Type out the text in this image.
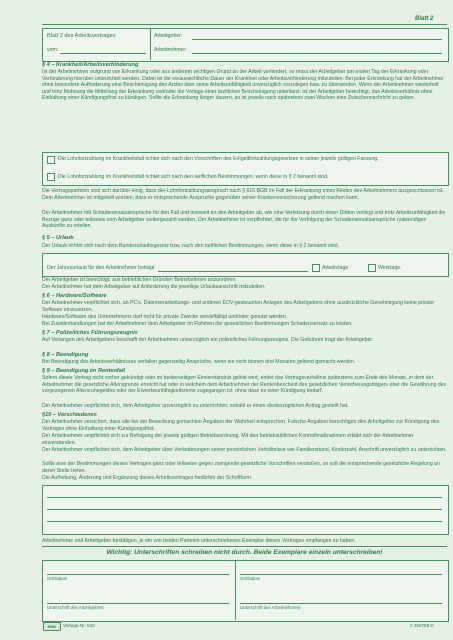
Blatt 2
Blatt 2 des Arbeitsvertrages
vom:
Arbeitgeber:
Arbeitnehmer:
§ 4 – Krankheit/Arbeitsverhinderung
Ist der Arbeitnehmer aufgrund von Erkrankung oder aus anderem wichtigen Grund an der Arbeit verhindert, so muss der Arbeitgeber am ersten Tag der Erkrankung oder Verhinderung hierüber unterrichtet werden. Dabei ist die voraussichtliche Dauer der Krankheit oder Arbeitsverhinderung mitzuteilen. Bei jeder Erkrankung hat der Arbeitnehmer ohne besondere Aufforderung eine Bescheinigung des Arztes über seine Arbeitsunfähigkeit unverzüglich vorzulegen bzw. zu übersenden. Wenn der Arbeitnehmer wiederholt und trotz Mahnung die Mitteilung der Erkrankung und/oder die Vorlage einer ärztlichen Bescheinigung unterlässt, ist der Arbeitgeber berechtigt, das Arbeitsverhältnis ohne Einhaltung einer Kündigungsfrist zu kündigen. Sollte die Erkrankung länger dauern, so ist jeweils nach spätestens zwei Wochen eine Zwischennachricht zu geben.
Die Lohnfortzahlung im Krankheitsfall richtet sich nach den Vorschriften des Entgeltfortzahlungsgesetzes in seiner jeweils gültigen Fassung.
Die Lohnfortzahlung im Krankheitsfall richtet sich nach den tariflichen Bestimmungen, wenn diese in § 2 benannt sind.
Die Vertragsparteien sind sich darüber einig, dass der Lohnfortzahlungsanspruch nach § 616 BGB im Fall der Erkrankung eines Kindes des Arbeitnehmers ausgeschlossen ist. Dem Arbeitnehmer ist mitgeteilt worden, dass er entsprechende Ansprüche gegenüber seiner Krankenversicherung geltend machen kann.
Der Arbeitnehmer tritt Schadenersatzansprüche für den Fall und insoweit an den Arbeitgeber ab, wie eine Verletzung durch einen Dritten vorliegt und trotz Arbeitsunfähigkeit die Bezüge ganz oder teilweise vom Arbeitgeber weitergezahlt werden. Der Arbeitnehmer ist verpflichtet, die für die Verfolgung der Schadensersatzansprüche notwendigen Auskünfte zu erteilen.
§ 5 – Urlaub
Der Urlaub richtet sich nach dem Bundesurlaubsgesetz bzw. nach den tariflichen Bestimmungen, wenn diese in § 2 benannt sind.
Der Jahresurlaub für den Arbeitnehmer beträgt	Arbeitstage	Werktage.
Der Arbeitgeber ist berechtigt, aus betrieblichen Gründen Betriebsferien anzuordnen.
Der Arbeitnehmer hat dem Arbeitgeber auf Anforderung die jeweilige Urlaubsanschrift mitzuteilen.
§ 6 – Hardware/Software
Der Arbeitnehmer verpflichtet sich, an PC's, Datenverarbeitungs- und anderen EDV-gesteuerten Anlagen des Arbeitgebers ohne ausdrückliche Genehmigung keine private Software einzusetzen.
Hardware/Software des Unternehmens darf nicht für private Zwecke vervielfältigt und/oder genutzt werden.
Bei Zuwiderhandlungen hat der Arbeitnehmer dem Arbeitgeber im Rahmen der gesetzlichen Bestimmungen Schadensersatz zu leisten.
§ 7 – Polizeiliches Führungszeugnis
Auf Verlangen des Arbeitgebers beschafft der Arbeitnehmer unverzüglich ein polizeiliches Führungszeugnis. Die Gebühren trägt der Arbeitgeber.
§ 8 – Beendigung
Bei Beendigung des Arbeitsverhältnisses verfallen gegenseitig Ansprüche, wenn sie nicht binnen drei Monaten geltend gemacht werden.
§ 9 – Beendigung im Rentenfall
Sofern dieser Vertrag nicht vorher gekündigt oder im beiderseitigen Einverständnis gelöst wird, endet das Vertragsverhältnis spätestens zum Ende des Monats, in dem der Arbeitnehmer die gesetzliche Altersgrenze erreicht hat oder in welchem dem Arbeitnehmer der Rentenbescheid des gesetzlichen Versicherungsträgers über die Gewährung des vorgezogenen Altersruhegeldes oder der Erwerbsunfähigkeitsrente zugegangen ist, ohne dass es einer Kündigung bedarf.
Der Arbeitnehmer verpflichtet sich, dem Arbeitgeber unverzüglich zu unterrichten, sobald er einen diesbezüglichen Antrag gestellt hat.
§10 – Verschiedenes
Der Arbeitnehmer versichert, dass alle bei der Bewerbung gemachten Angaben der Wahrheit entsprechen. Falsche Angaben berechtigen den Arbeitgeber zur Kündigung des Vertrages ohne Einhaltung einer Kündigungsfrist.
Der Arbeitnehmer verpflichtet sich zur Befolgung der jeweils gültigen Betriebsordnung. Mit den betriebsüblichen Kontrollmaßnahmen erklärt sich der Arbeitnehmer einverstanden.
Der Arbeitnehmer verpflichtet sich, dem Arbeitgeber über Veränderungen seiner persönlichen Verhältnisse wie Familienstand, Kinderzahl, Anschrift unverzüglich zu unterrichten.
Sollte eine der Bestimmungen dieses Vertrages ganz oder teilweise gegen zwingende gesetzliche Vorschriften verstoßen, so soll die entsprechende gesetzliche Regelung an deren Stelle treten.
Die Aufhebung, Änderung und Ergänzung dieses Arbeitsvertrages bedürfen der Schriftform.
Arbeitnehmer und Arbeitgeber bestätigen, je ein von beiden Parteien unterschriebenes Exemplar dieses Vertrages empfangen zu haben.
Wichtig: Unterschriften schreiben nicht durch. Beide Exemplare einzeln unterschreiben!
Ort/Datum
Unterschrift des Arbeitgebers
Ort/Datum
Unterschrift des Arbeitnehmers
RNK	Verlags-Nr. 542	3 456789 D
